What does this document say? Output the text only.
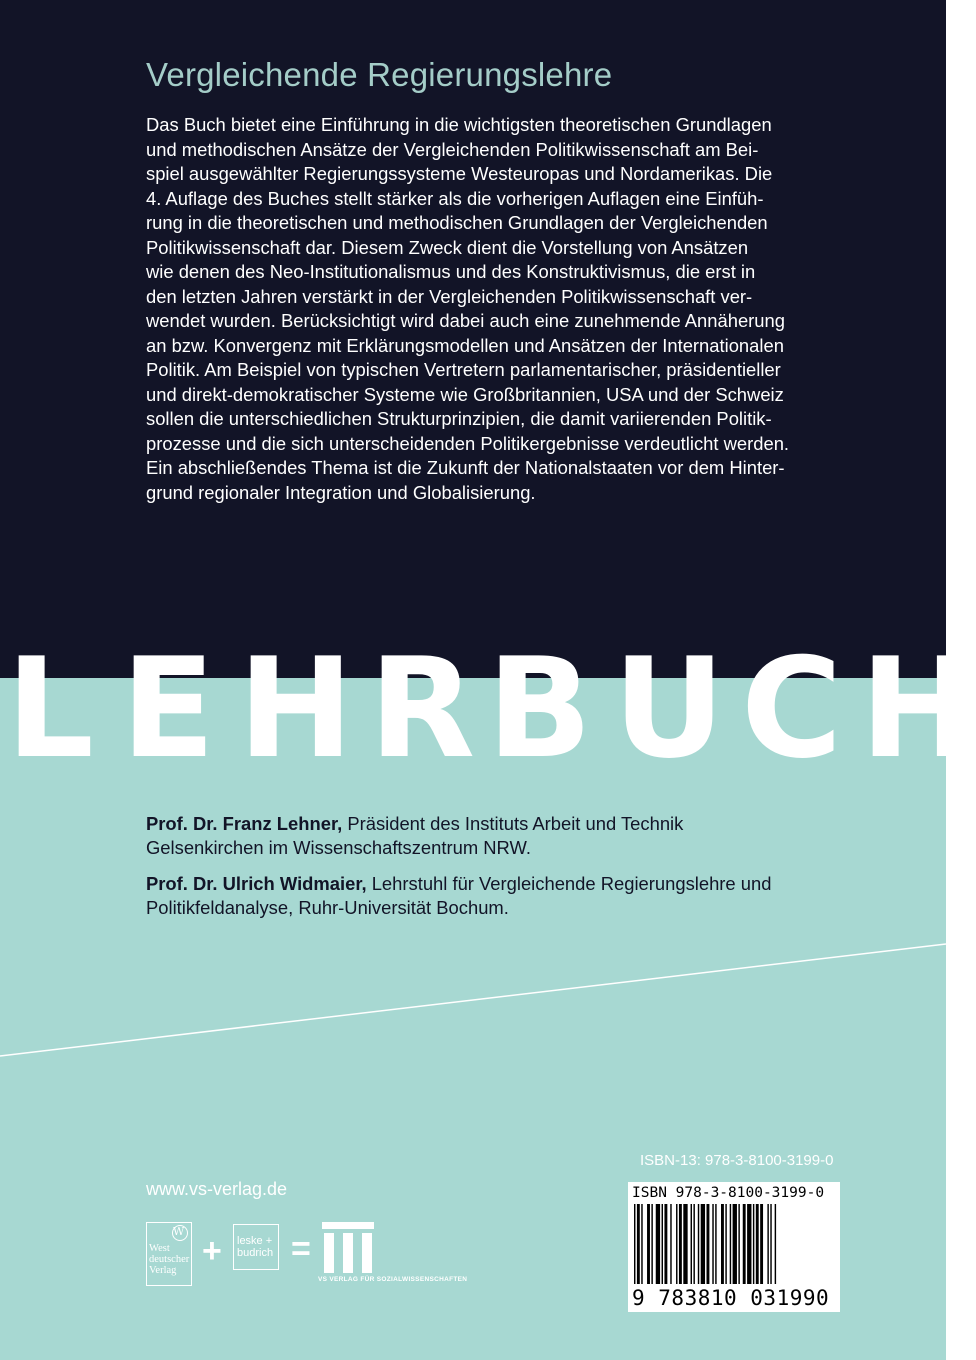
Vergleichende Regierungslehre
Das Buch bietet eine Einführung in die wichtigsten theoretischen Grundlagen
und methodischen Ansätze der Vergleichenden Politikwissenschaft am Bei-
spiel ausgewählter Regierungssysteme Westeuropas und Nordamerikas. Die
4. Auflage des Buches stellt stärker als die vorherigen Auflagen eine Einfüh-
rung in die theoretischen und methodischen Grundlagen der Vergleichenden
Politikwissenschaft dar. Diesem Zweck dient die Vorstellung von Ansätzen
wie denen des Neo-Institutionalismus und des Konstruktivismus, die erst in
den letzten Jahren verstärkt in der Vergleichenden Politikwissenschaft ver-
wendet wurden. Berücksichtigt wird dabei auch eine zunehmende Annäherung
an bzw. Konvergenz mit Erklärungsmodellen und Ansätzen der Internationalen
Politik. Am Beispiel von typischen Vertretern parlamentarischer, präsidentieller
und direkt-demokratischer Systeme wie Großbritannien, USA und der Schweiz
sollen die unterschiedlichen Strukturprinzipien, die damit variierenden Politik-
prozesse und die sich unterscheidenden Politikergebnisse verdeutlicht werden.
Ein abschließendes Thema ist die Zukunft der Nationalstaaten vor dem Hinter-
grund regionaler Integration und Globalisierung.
L E H R B U C H
Prof. Dr. Franz Lehner, Präsident des Instituts Arbeit und Technik
Gelsenkirchen im Wissenschaftszentrum NRW.
Prof. Dr. Ulrich Widmaier, Lehrstuhl für Vergleichende Regierungslehre und
Politikfeldanalyse, Ruhr-Universität Bochum.
ISBN-13: 978-3-8100-3199-0
www.vs-verlag.de	ISBN 978-3-8100-3199-0
9 783810 031990
W
West
deutscher
Verlag
+ leske +
budrich =
VS VERLAG FÜR SOZIALWISSENSCHAFTEN
